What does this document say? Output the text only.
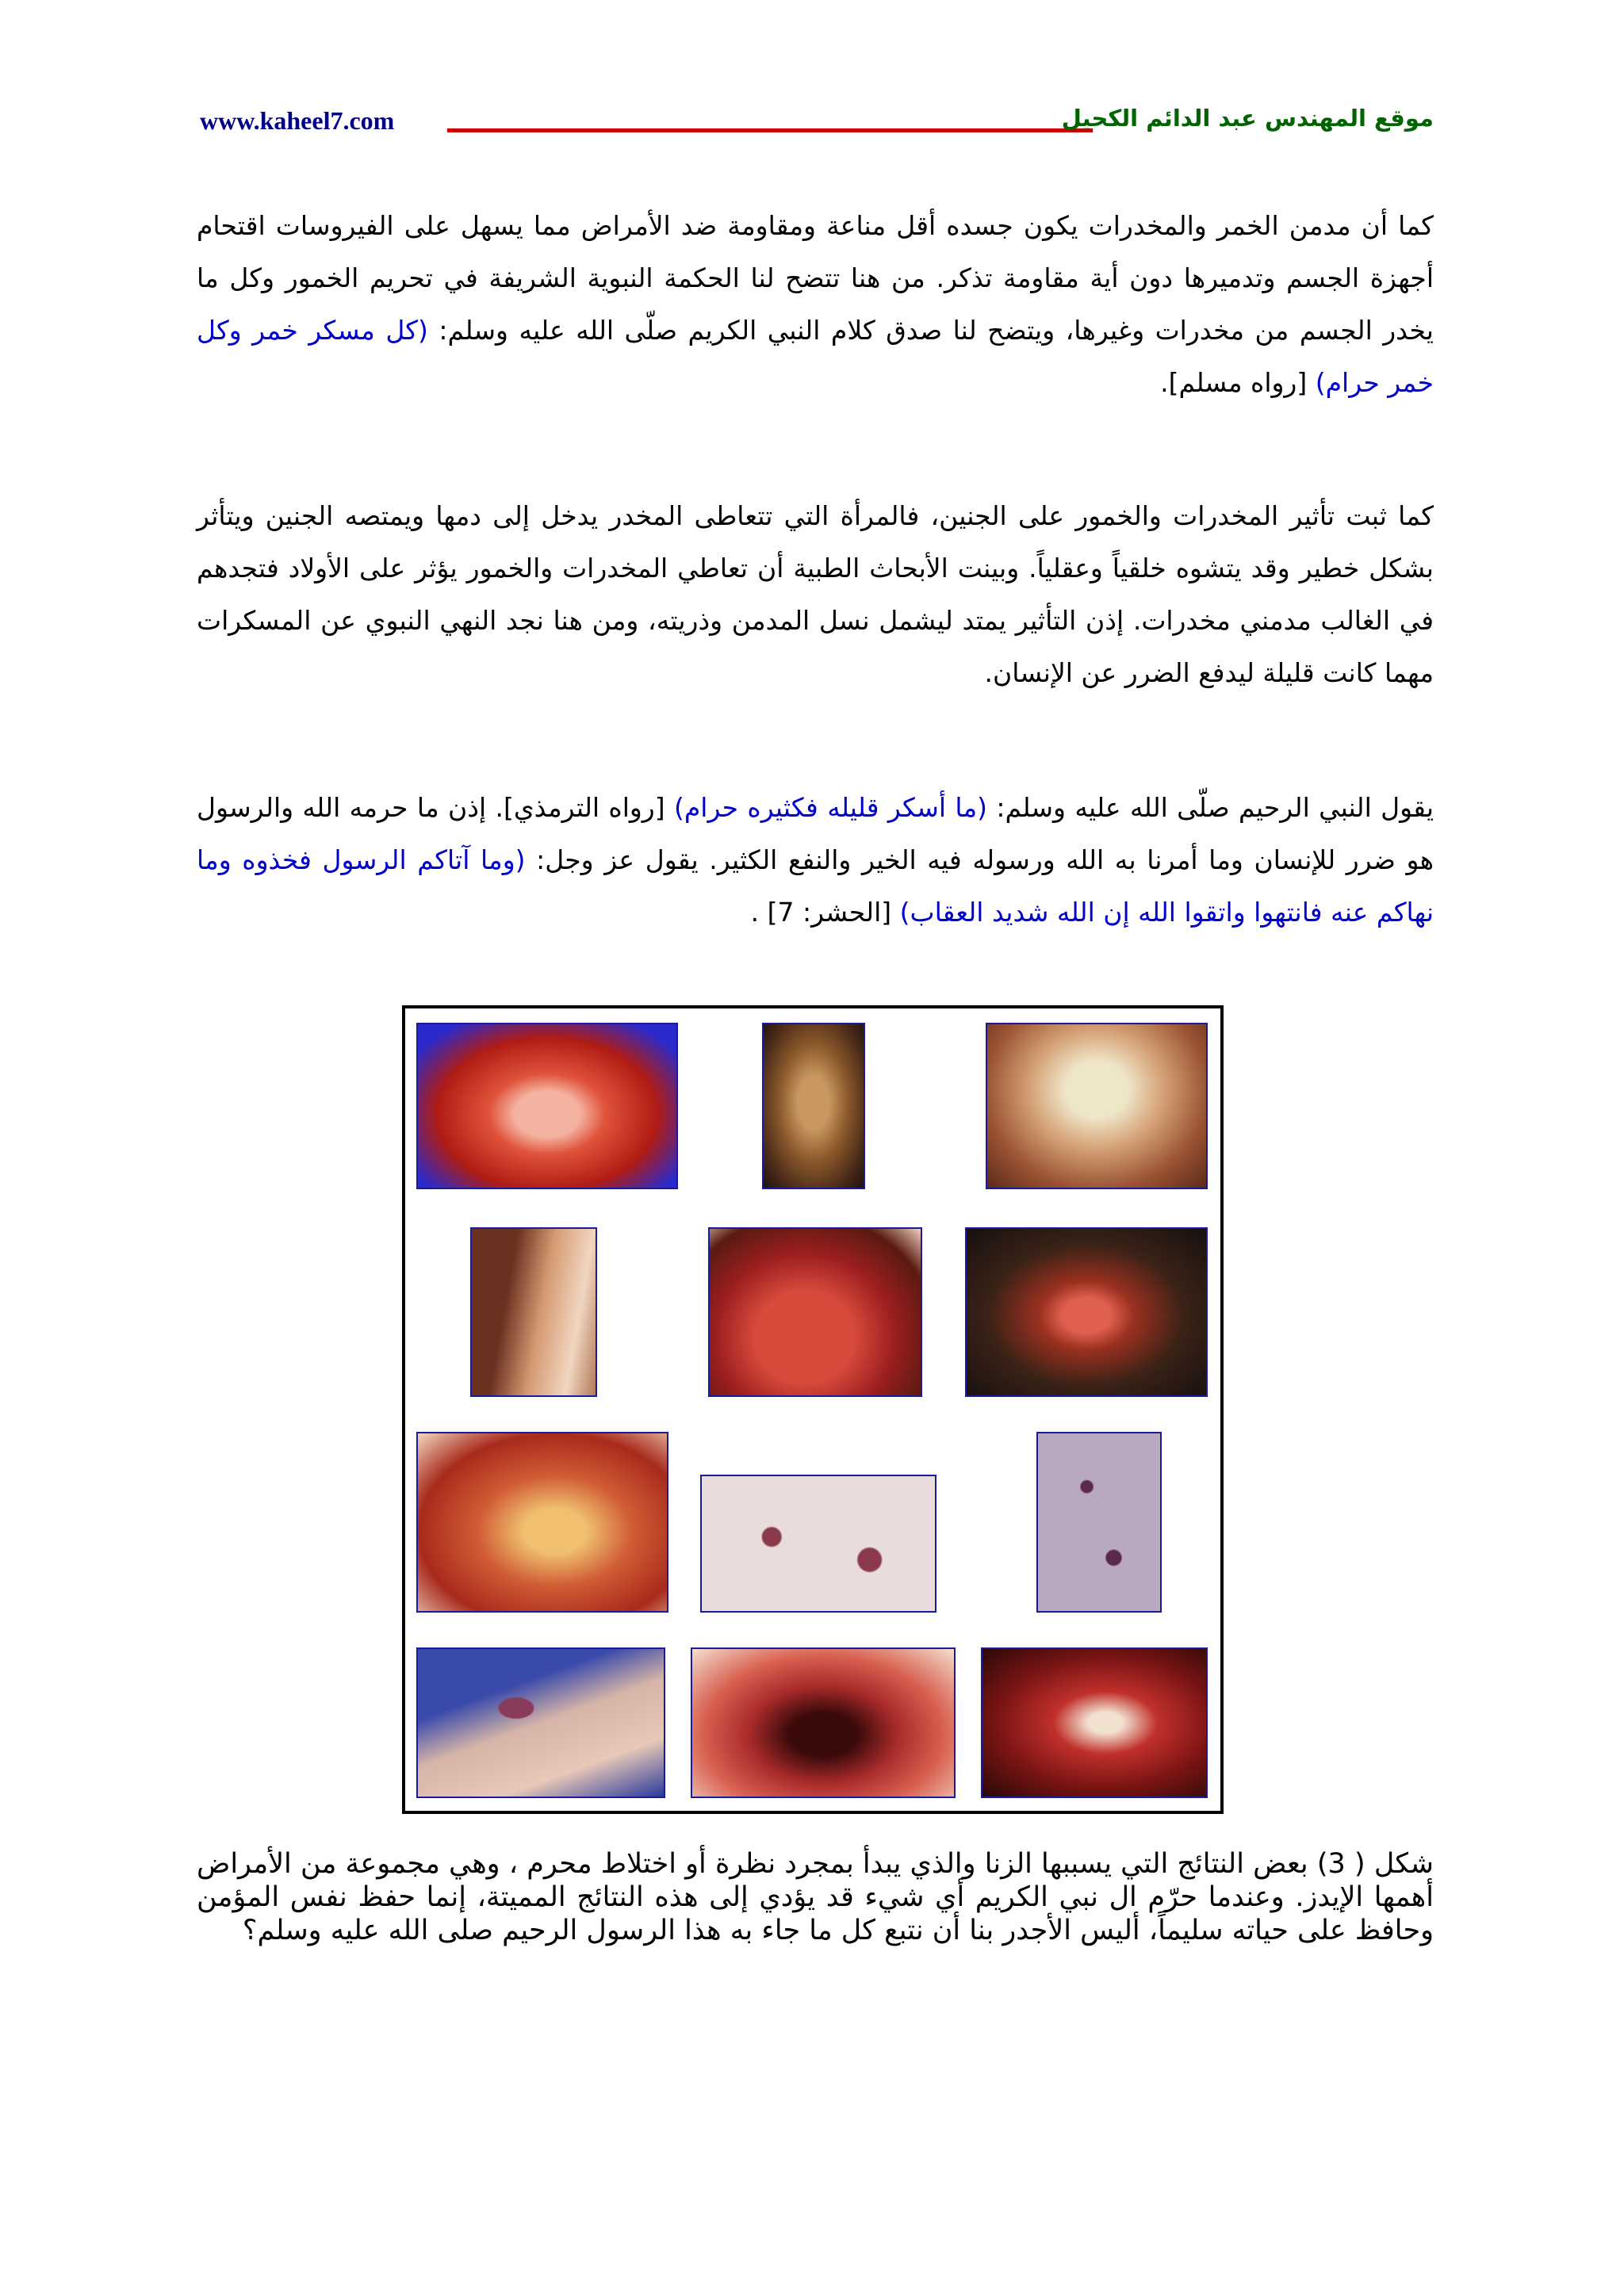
www.kaheel7.com	موقع المهندس عبد الدائم الكحيل

كما أن مدمن الخمر والمخدرات يكون جسده أقل مناعة ومقاومة ضد الأمراض مما يسهل على الفيروسات اقتحام أجهزة الجسم وتدميرها دون أية مقاومة تذكر. من هنا تتضح لنا الحكمة النبوية الشريفة في تحريم الخمور وكل ما يخدر الجسم من مخدرات وغيرها، ويتضح لنا صدق كلام النبي الكريم صلّى الله عليه وسلم: (كل مسكر خمر وكل خمر حرام) [رواه مسلم].

كما ثبت تأثير المخدرات والخمور على الجنين، فالمرأة التي تتعاطى المخدر يدخل إلى دمها ويمتصه الجنين ويتأثر بشكل خطير وقد يتشوه خلقياً وعقلياً. وبينت الأبحاث الطبية أن تعاطي المخدرات والخمور يؤثر على الأولاد فتجدهم في الغالب مدمني مخدرات. إذن التأثير يمتد ليشمل نسل المدمن وذريته، ومن هنا نجد النهي النبوي عن المسكرات مهما كانت قليلة ليدفع الضرر عن الإنسان.

يقول النبي الرحيم صلّى الله عليه وسلم: (ما أسكر قليله فكثيره حرام) [رواه الترمذي]. إذن ما حرمه الله والرسول هو ضرر للإنسان وما أمرنا به الله ورسوله فيه الخير والنفع الكثير. يقول عز وجل: (وما آتاكم الرسول فخذوه وما نهاكم عنه فانتهوا واتقوا الله إن الله شديد العقاب) [الحشر: 7] .

شكل ( 3) بعض النتائج التي يسببها الزنا والذي يبدأ بمجرد نظرة أو اختلاط محرم ، وهي مجموعة من الأمراض أهمها الإيدز. وعندما حرّم ال نبي الكريم أي شيء قد يؤدي إلى هذه النتائج المميتة، إنما حفظ نفس المؤمن وحافظ على حياته سليماً، أليس الأجدر بنا أن نتبع كل ما جاء به هذا الرسول الرحيم صلى الله عليه وسلم؟
